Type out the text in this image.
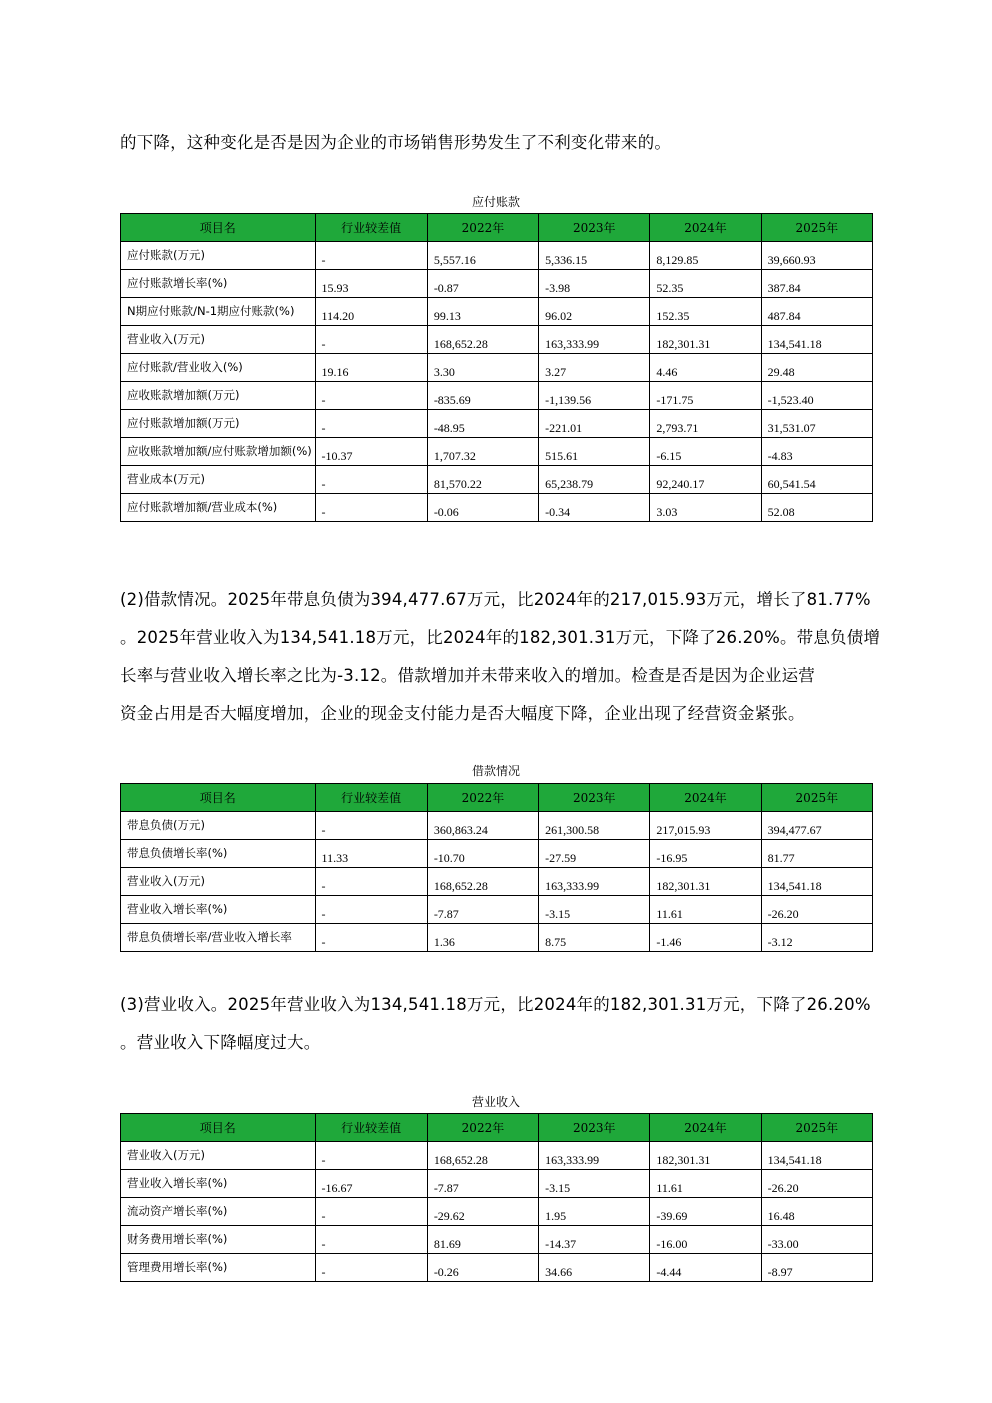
的下降，这种变化是否是因为企业的市场销售形势发生了不利变化带来的。
应付账款
项目名	行业较差值	2022年	2023年	2024年	2025年
应付账款(万元)	-	5,557.16	5,336.15	8,129.85	39,660.93
应付账款增长率(%)	15.93	-0.87	-3.98	52.35	387.84
N期应付账款/N-1期应付账款(%)	114.20	99.13	96.02	152.35	487.84
营业收入(万元)	-	168,652.28	163,333.99	182,301.31	134,541.18
应付账款/营业收入(%)	19.16	3.30	3.27	4.46	29.48
应收账款增加额(万元)	-	-835.69	-1,139.56	-171.75	-1,523.40
应付账款增加额(万元)	-	-48.95	-221.01	2,793.71	31,531.07
应收账款增加额/应付账款增加额(%)	-10.37	1,707.32	515.61	-6.15	-4.83
营业成本(万元)	-	81,570.22	65,238.79	92,240.17	60,541.54
应付账款增加额/营业成本(%)	-	-0.06	-0.34	3.03	52.08
(2)借款情况。2025年带息负债为394,477.67万元，比2024年的217,015.93万元，增长了81.77%
。2025年营业收入为134,541.18万元，比2024年的182,301.31万元，下降了26.20%。带息负债增
长率与营业收入增长率之比为-3.12。借款增加并未带来收入的增加。检查是否是因为企业运营
资金占用是否大幅度增加，企业的现金支付能力是否大幅度下降，企业出现了经营资金紧张。
借款情况
项目名	行业较差值	2022年	2023年	2024年	2025年
带息负债(万元)	-	360,863.24	261,300.58	217,015.93	394,477.67
带息负债增长率(%)	11.33	-10.70	-27.59	-16.95	81.77
营业收入(万元)	-	168,652.28	163,333.99	182,301.31	134,541.18
营业收入增长率(%)	-	-7.87	-3.15	11.61	-26.20
带息负债增长率/营业收入增长率	-	1.36	8.75	-1.46	-3.12
(3)营业收入。2025年营业收入为134,541.18万元，比2024年的182,301.31万元，下降了26.20%
。营业收入下降幅度过大。
营业收入
项目名	行业较差值	2022年	2023年	2024年	2025年
营业收入(万元)	-	168,652.28	163,333.99	182,301.31	134,541.18
营业收入增长率(%)	-16.67	-7.87	-3.15	11.61	-26.20
流动资产增长率(%)	-	-29.62	1.95	-39.69	16.48
财务费用增长率(%)	-	81.69	-14.37	-16.00	-33.00
管理费用增长率(%)	-	-0.26	34.66	-4.44	-8.97
